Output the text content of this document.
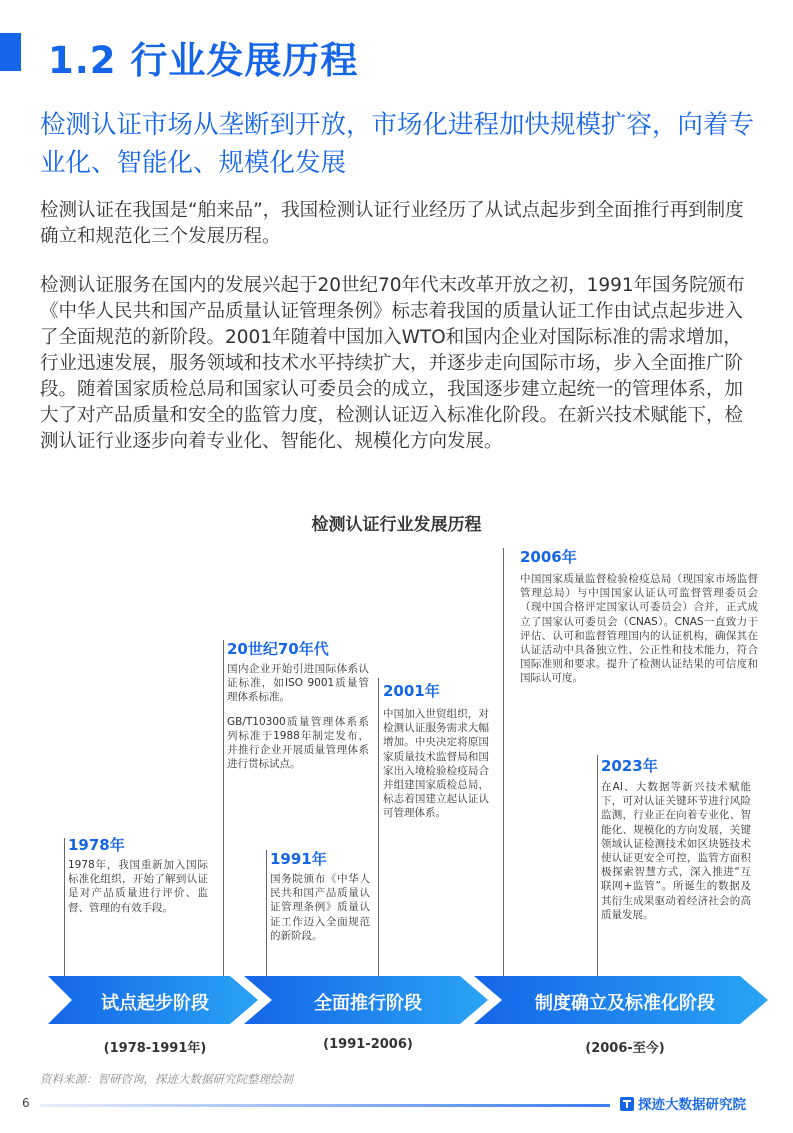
1.2 行业发展历程
检测认证市场从垄断到开放，市场化进程加快规模扩容，向着专业化、智能化、规模化发展
检测认证在我国是“舶来品”，我国检测认证行业经历了从试点起步到全面推行再到制度确立和规范化三个发展历程。
检测认证服务在国内的发展兴起于20世纪70年代末改革开放之初，1991年国务院颁布《中华人民共和国产品质量认证管理条例》标志着我国的质量认证工作由试点起步进入了全面规范的新阶段。2001年随着中国加入WTO和国内企业对国际标准的需求增加，行业迅速发展，服务领域和技术水平持续扩大，并逐步走向国际市场，步入全面推广阶段。随着国家质检总局和国家认可委员会的成立，我国逐步建立起统一的管理体系，加大了对产品质量和安全的监管力度，检测认证迈入标准化阶段。在新兴技术赋能下，检测认证行业逐步向着专业化、智能化、规模化方向发展。
检测认证行业发展历程
1978年

1978年，我国重新加入国际标准化组织，开始了解到认证是对产品质量进行评价、监督、管理的有效手段。

20世纪70年代

国内企业开始引进国际体系认证标准，如ISO 9001质量管理体系标准。

GB/T10300质量管理体系系列标准于1988年制定发布，并推行企业开展质量管理体系进行贯标试点。

1991年

国务院颁布《中华人民共和国产品质量认证管理条例》质量认证工作迈入全面规范的新阶段。

2001年

中国加入世贸组织，对检测认证服务需求大幅增加。中央决定将原国家质量技术监督局和国家出入境检验检疫局合并组建国家质检总局，标志着国建立起认证认可管理体系。

2006年

中国国家质量监督检验检疫总局（现国家市场监督管理总局）与中国国家认证认可监督管理委员会（现中国合格评定国家认可委员会）合并，正式成立了国家认可委员会（CNAS）。CNAS一直致力于评估、认可和监督管理国内的认证机构，确保其在认证活动中具备独立性、公正性和技术能力，符合国际准则和要求。提升了检测认证结果的可信度和国际认可度。

2023年

在AI、大数据等新兴技术赋能下，可对认证关键环节进行风险监测，行业正在向着专业化、智能化、规模化的方向发展，关键领域认证检测技术如区块链技术使认证更安全可控，监管方面积极探索智慧方式，深入推进“互联网+监管”。所诞生的数据及其衍生成果驱动着经济社会的高质量发展。

试点起步阶段	全面推行阶段	制度确立及标准化阶段
(1978-1991年)	(1991-2006)	(2006-至今)
资料来源：智研咨询，探迹大数据研究院整理绘制
6	探迹大数据研究院
